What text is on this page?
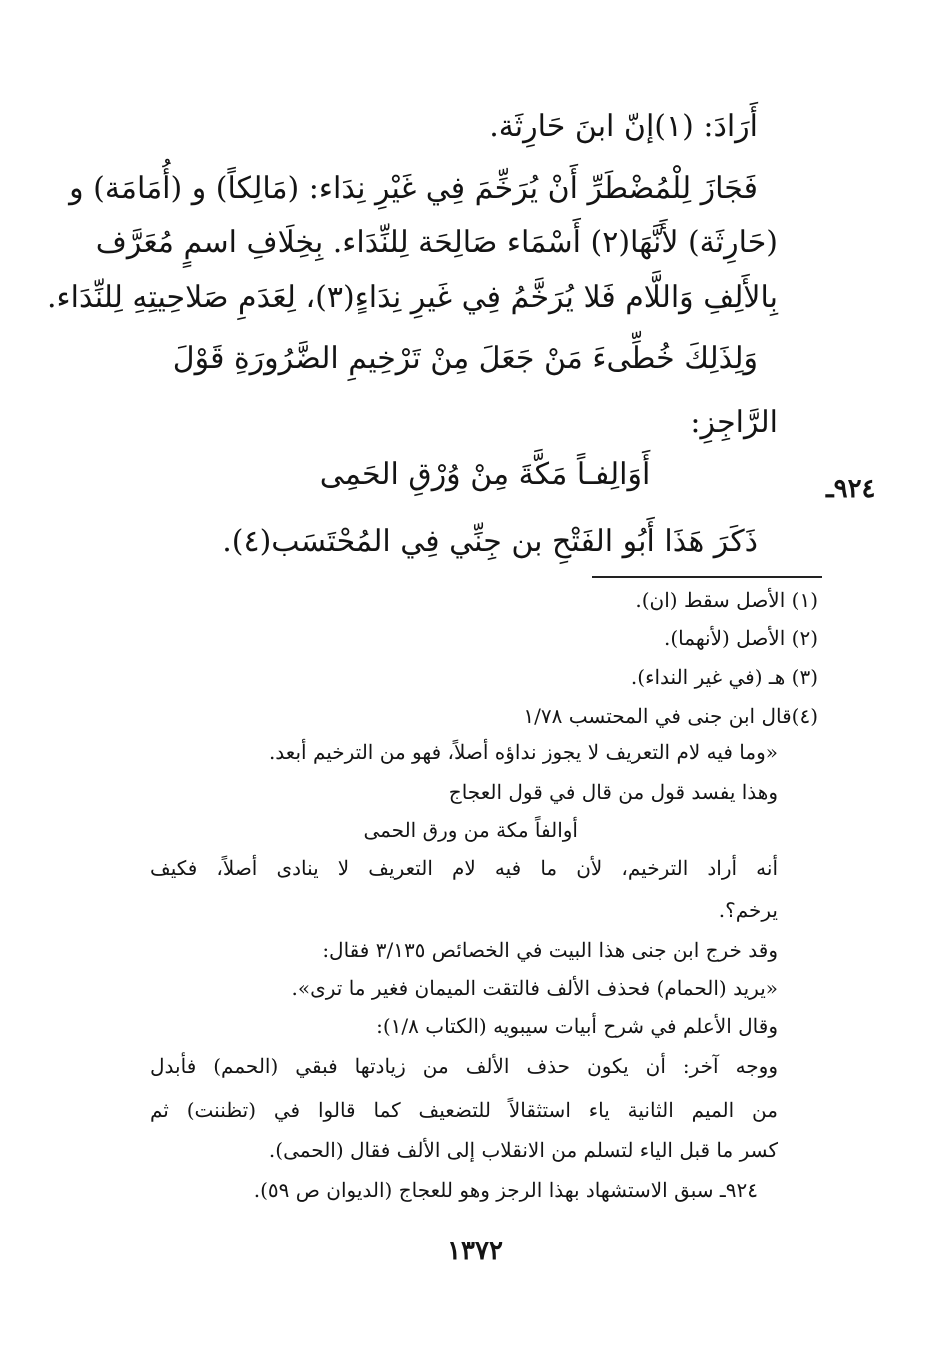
أَرَادَ: (١)إنّ ابنَ حَارِثَة.
فَجَازَ لِلْمُضْطَرِّ أَنْ يُرَخِّمَ فِي غَيْرِ نِدَاء: (مَالِكاً) و (أُمَامَة) و
(حَارِثَة) لأَنَّهَا(٢) أَسْمَاء صَالِحَة لِلنِّدَاء. بِخِلَافِ اسمٍ مُعَرَّف
بِالأَلِفِ وَاللَّام فَلا يُرَخَّمُ فِي غَيرِ نِدَاءٍ(٣)، لِعَدَمِ صَلاحِيتِهِ لِلنِّدَاء.
وَلِذَلِكَ خُطِّىءَ مَنْ جَعَلَ مِنْ تَرْخِيمِ الضَّرُورَةِ قَوْلَ
الرَّاجِزِ:
أَوَالِفـاً مَكَّةَ مِنْ وُرْقِ الحَمِى	٩٢٤ـ
ذَكَرَ هَذَا أَبُو الفَتْحِ بن جِنِّي فِي المُحْتَسَب(٤).
(١) الأصل سقط (ان).
(٢) الأصل (لأنهما).
(٣) هـ (في غير النداء).
(٤)قال ابن جنى في المحتسب ١/٧٨
«وما فيه لام التعريف لا يجوز نداؤه أصلاً، فهو من الترخيم أبعد.
وهذا يفسد قول من قال في قول العجاج
أوالفاً مكة من ورق الحمى
أنه أراد الترخيم، لأن ما فيه لام التعريف لا ينادى أصلاً، فكيف
يرخم؟.
وقد خرج ابن جنى هذا البيت في الخصائص ٣/١٣٥ فقال:
«يريد (الحمام) فحذف الألف فالتقت الميمان فغير ما ترى».
وقال الأعلم في شرح أبيات سيبويه (الكتاب ١/٨):
ووجه آخر: أن يكون حذف الألف من زيادتها فبقي (الحمم) فأبدل
من الميم الثانية ياء استثقالاً للتضعيف كما قالوا في (تظننت) ثم
كسر ما قبل الياء لتسلم من الانقلاب إلى الألف فقال (الحمى).
٩٢٤ـ سبق الاستشهاد بهذا الرجز وهو للعجاج (الديوان ص ٥٩).
١٣٧٢
